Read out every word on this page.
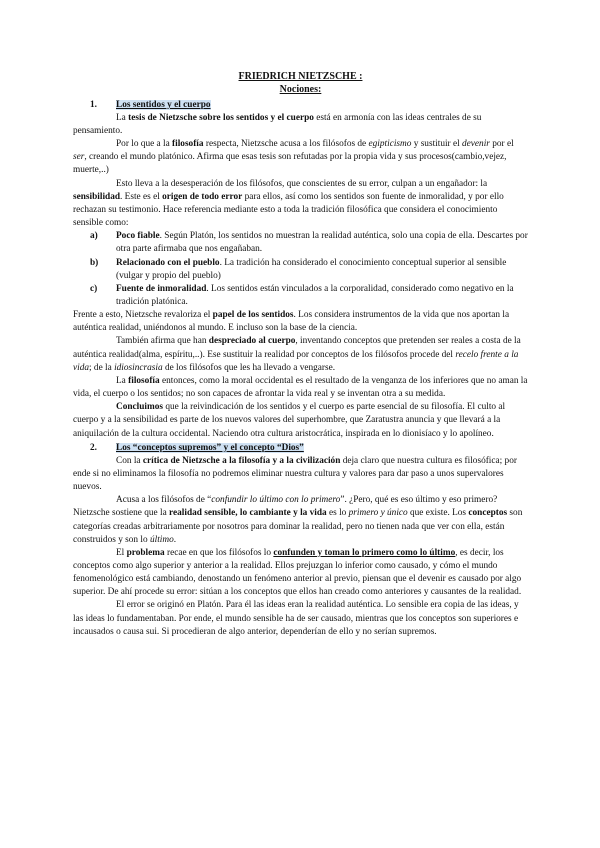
FRIEDRICH NIETZSCHE :

Nociones:

1. Los sentidos y el cuerpo

La tesis de Nietzsche sobre los sentidos y el cuerpo está en armonía con las ideas centrales de su pensamiento.

Por lo que a la filosofía respecta, Nietzsche acusa a los filósofos de egipticismo y sustituir el devenir por el ser, creando el mundo platónico. Afirma que esas tesis son refutadas por la propia vida y sus procesos(cambio,vejez, muerte,..)

Esto lleva a la desesperación de los filósofos, que conscientes de su error, culpan a un engañador: la sensibilidad. Este es el origen de todo error para ellos, así como los sentidos son fuente de inmoralidad, y por ello rechazan su testimonio. Hace referencia mediante esto a toda la tradición filosófica que considera el conocimiento sensible como:

a) Poco fiable. Según Platón, los sentidos no muestran la realidad auténtica, solo una copia de ella. Descartes por otra parte afirmaba que nos engañaban.
b) Relacionado con el pueblo. La tradición ha considerado el conocimiento conceptual superior al sensible (vulgar y propio del pueblo)
c) Fuente de inmoralidad. Los sentidos están vinculados a la corporalidad, considerado como negativo en la tradición platónica.

Frente a esto, Nietzsche revaloriza el papel de los sentidos. Los considera instrumentos de la vida que nos aportan la auténtica realidad, uniéndonos al mundo. E incluso son la base de la ciencia.

También afirma que han despreciado al cuerpo, inventando conceptos que pretenden ser reales a costa de la auténtica realidad(alma, espíritu,..). Ese sustituir la realidad por conceptos de los filósofos procede del recelo frente a la vida; de la idiosincrasia de los filósofos que les ha llevado a vengarse.

La filosofía entonces, como la moral occidental es el resultado de la venganza de los inferiores que no aman la vida, el cuerpo o los sentidos; no son capaces de afrontar la vida real y se inventan otra a su medida.

Concluimos que la reivindicación de los sentidos y el cuerpo es parte esencial de su filosofía. El culto al cuerpo y a la sensibilidad es parte de los nuevos valores del superhombre, que Zaratustra anuncia y que llevará a la aniquilación de la cultura occidental. Naciendo otra cultura aristocrática, inspirada en lo dionisíaco y lo apolíneo.

2. Los “conceptos supremos” y el concepto “Dios”

Con la crítica de Nietzsche a la filosofía y a la civilización deja claro que nuestra cultura es filosófica; por ende si no eliminamos la filosofía no podremos eliminar nuestra cultura y valores para dar paso a unos supervalores nuevos.

Acusa a los filósofos de “confundir lo último con lo primero”. ¿Pero, qué es eso último y eso primero? Nietzsche sostiene que la realidad sensible, lo cambiante y la vida es lo primero y único que existe. Los conceptos son categorías creadas arbitrariamente por nosotros para dominar la realidad, pero no tienen nada que ver con ella, están construidos y son lo último.

El problema recae en que los filósofos lo confunden y toman lo primero como lo último, es decir, los conceptos como algo superior y anterior a la realidad. Ellos prejuzgan lo inferior como causado, y cómo el mundo fenomenológico está cambiando, denostando un fenómeno anterior al previo, piensan que el devenir es causado por algo superior. De ahí procede su error: sitúan a los conceptos que ellos han creado como anteriores y causantes de la realidad.

El error se originó en Platón. Para él las ideas eran la realidad auténtica. Lo sensible era copia de las ideas, y las ideas lo fundamentaban. Por ende, el mundo sensible ha de ser causado, mientras que los conceptos son superiores e incausados o causa sui. Si procedieran de algo anterior, dependerían de ello y no serían supremos.
